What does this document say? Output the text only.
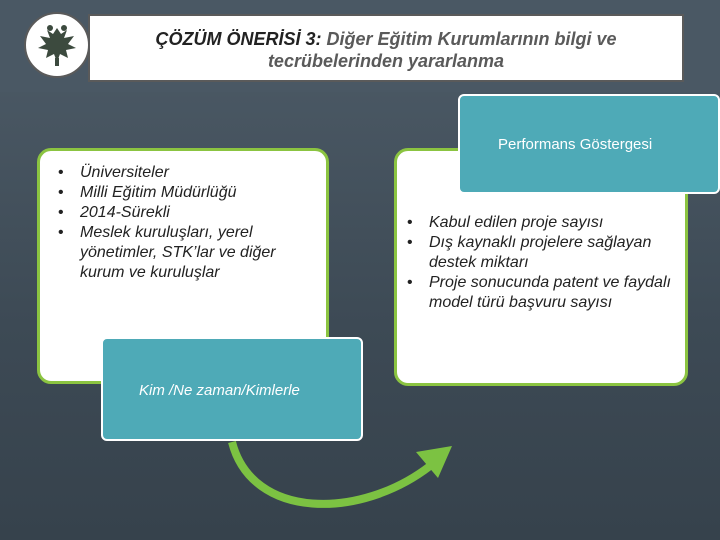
ÇÖZÜM ÖNERİSİ 3: Diğer Eğitim Kurumlarının bilgi ve
tecrübelerinden yararlanma
• Üniversiteler
• Milli Eğitim Müdürlüğü
• 2014-Sürekli
• Meslek kuruluşları, yerel yönetimler, STK’lar ve diğer kurum ve kuruluşlar
• Kabul edilen proje sayısı
• Dış kaynaklı projelere sağlayan destek miktarı
• Proje sonucunda patent ve faydalı model türü başvuru sayısı
Performans Göstergesi
Kim /Ne zaman/Kimlerle
